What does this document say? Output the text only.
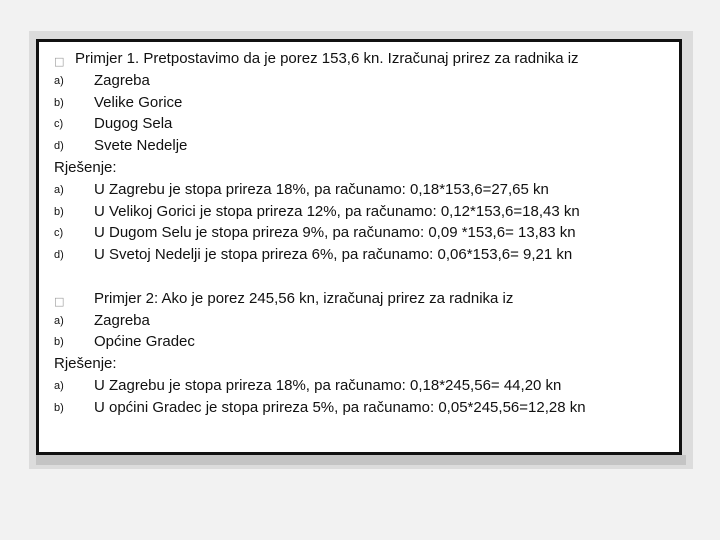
□ Primjer 1. Pretpostavimo da je porez 153,6 kn. Izračunaj prirez za radnika iz
a) Zagreba
b) Velike Gorice
c) Dugog Sela
d) Svete Nedelje
Rješenje:
a) U Zagrebu je stopa prireza 18%, pa računamo: 0,18*153,6=27,65 kn
b) U Velikoj Gorici je stopa prireza 12%, pa računamo: 0,12*153,6=18,43 kn
c) U Dugom Selu je stopa prireza 9%, pa računamo: 0,09 *153,6= 13,83 kn
d) U Svetoj Nedelji je stopa prireza 6%, pa računamo: 0,06*153,6= 9,21 kn
□ Primjer 2: Ako je porez 245,56 kn, izračunaj prirez za radnika iz
a) Zagreba
b) Općine Gradec
Rješenje:
a) U Zagrebu je stopa prireza 18%, pa računamo: 0,18*245,56= 44,20 kn
b) U općini Gradec je stopa prireza 5%, pa računamo: 0,05*245,56=12,28 kn
